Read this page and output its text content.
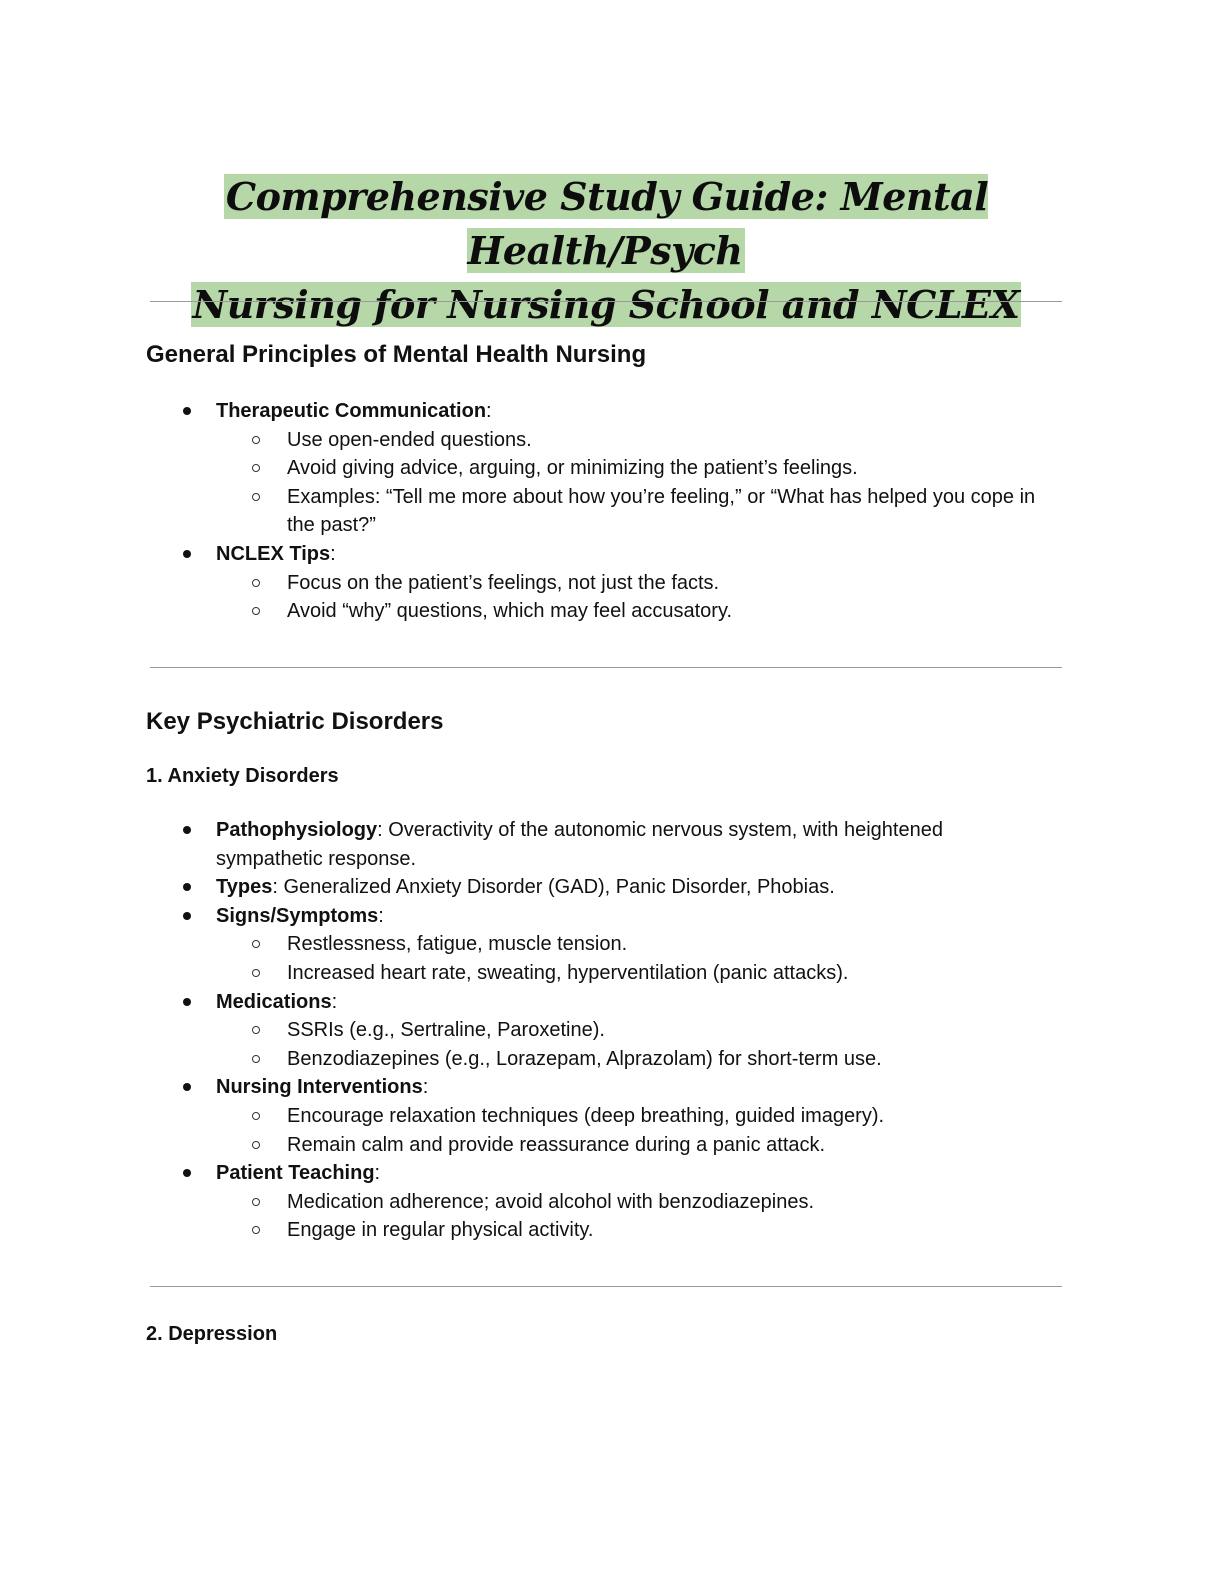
Comprehensive Study Guide: Mental Health/Psych
Nursing for Nursing School and NCLEX
General Principles of Mental Health Nursing
Therapeutic Communication:
Use open-ended questions.
Avoid giving advice, arguing, or minimizing the patient’s feelings.
Examples: “Tell me more about how you’re feeling,” or “What has helped you cope in the past?”
NCLEX Tips:
Focus on the patient’s feelings, not just the facts.
Avoid “why” questions, which may feel accusatory.
Key Psychiatric Disorders
1. Anxiety Disorders
Pathophysiology: Overactivity of the autonomic nervous system, with heightened sympathetic response.
Types: Generalized Anxiety Disorder (GAD), Panic Disorder, Phobias.
Signs/Symptoms:
Restlessness, fatigue, muscle tension.
Increased heart rate, sweating, hyperventilation (panic attacks).
Medications:
SSRIs (e.g., Sertraline, Paroxetine).
Benzodiazepines (e.g., Lorazepam, Alprazolam) for short-term use.
Nursing Interventions:
Encourage relaxation techniques (deep breathing, guided imagery).
Remain calm and provide reassurance during a panic attack.
Patient Teaching:
Medication adherence; avoid alcohol with benzodiazepines.
Engage in regular physical activity.
2. Depression
